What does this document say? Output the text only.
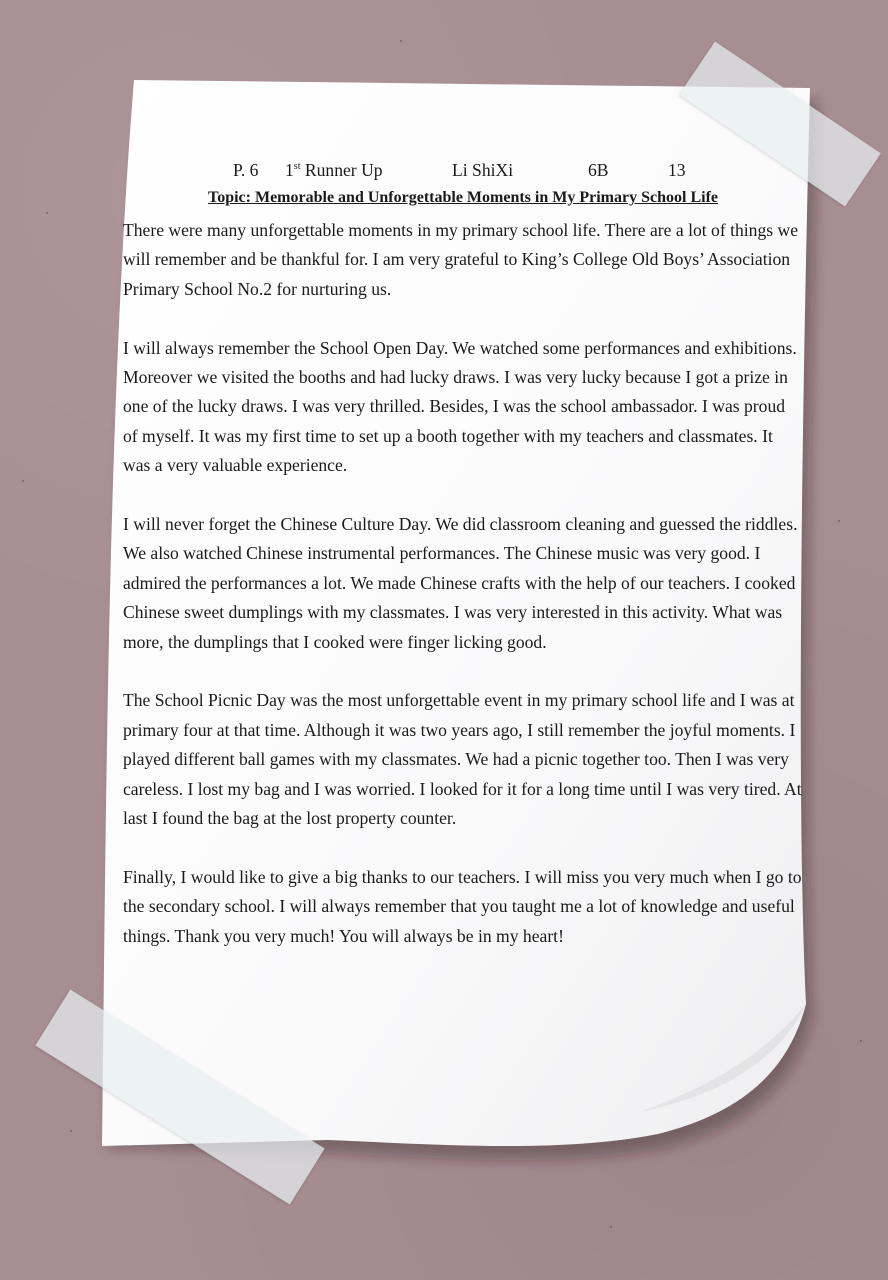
P. 6 1st Runner Up	Li ShiXi	6B	13
Topic: Memorable and Unforgettable Moments in My Primary School Life

There were many unforgettable moments in my primary school life. There are a lot of things we will remember and be thankful for. I am very grateful to King’s College Old Boys’ Association Primary School No.2 for nurturing us.

I will always remember the School Open Day. We watched some performances and exhibitions. Moreover we visited the booths and had lucky draws. I was very lucky because I got a prize in one of the lucky draws. I was very thrilled. Besides, I was the school ambassador. I was proud of myself. It was my first time to set up a booth together with my teachers and classmates. It was a very valuable experience.

I will never forget the Chinese Culture Day. We did classroom cleaning and guessed the riddles. We also watched Chinese instrumental performances. The Chinese music was very good. I admired the performances a lot. We made Chinese crafts with the help of our teachers. I cooked Chinese sweet dumplings with my classmates. I was very interested in this activity. What was more, the dumplings that I cooked were finger licking good.

The School Picnic Day was the most unforgettable event in my primary school life and I was at primary four at that time. Although it was two years ago, I still remember the joyful moments. I played different ball games with my classmates. We had a picnic together too. Then I was very careless. I lost my bag and I was worried. I looked for it for a long time until I was very tired. At last I found the bag at the lost property counter.

Finally, I would like to give a big thanks to our teachers. I will miss you very much when I go to the secondary school. I will always remember that you taught me a lot of knowledge and useful things. Thank you very much! You will always be in my heart!
